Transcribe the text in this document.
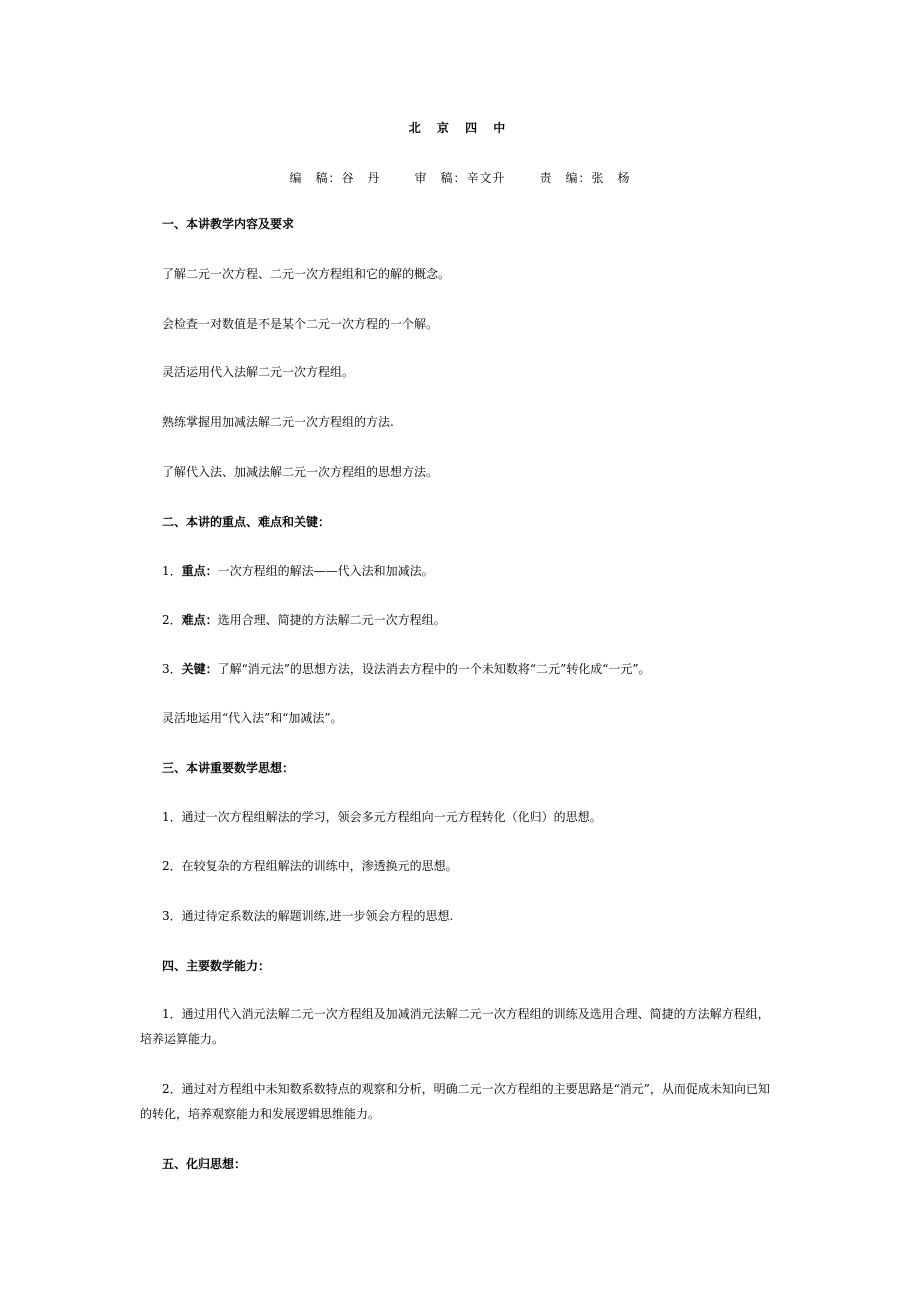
北 京 四 中
编　稿：谷　丹	审　稿：辛文升	责　编：张　杨
一、本讲教学内容及要求
了解二元一次方程、二元一次方程组和它的解的概念。
会检查一对数值是不是某个二元一次方程的一个解。
灵活运用代入法解二元一次方程组。
熟练掌握用加减法解二元一次方程组的方法.
了解代入法、加减法解二元一次方程组的思想方法。
二、本讲的重点、难点和关键：
1．重点：一次方程组的解法——代入法和加减法。
2．难点：选用合理、简捷的方法解二元一次方程组。
3．关键：了解“消元法”的思想方法，设法消去方程中的一个未知数将“二元”转化成“一元”。
灵活地运用“代入法”和“加减法”。
三、本讲重要数学思想：
1．通过一次方程组解法的学习，领会多元方程组向一元方程转化（化归）的思想。
2．在较复杂的方程组解法的训练中，渗透换元的思想。
3．通过待定系数法的解题训练,进一步领会方程的思想.
四、主要数学能力：
1．通过用代入消元法解二元一次方程组及加减消元法解二元一次方程组的训练及选用合理、简捷的方法解方程组，
培养运算能力。
2．通过对方程组中未知数系数特点的观察和分析，明确二元一次方程组的主要思路是“消元”，从而促成未知向已知
的转化，培养观察能力和发展逻辑思维能力。
五、化归思想：
